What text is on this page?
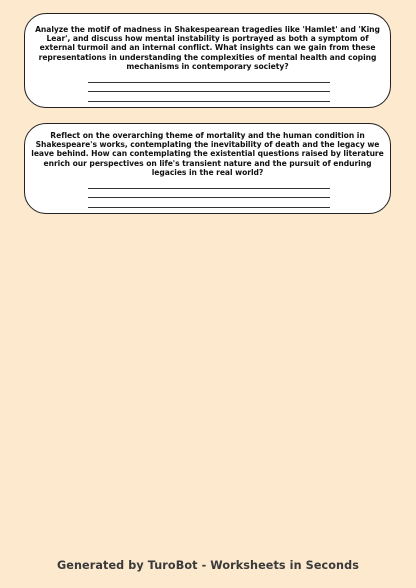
Analyze the motif of madness in Shakespearean tragedies like 'Hamlet' and 'King Lear', and discuss how mental instability is portrayed as both a symptom of external turmoil and an internal conflict. What insights can we gain from these representations in understanding the complexities of mental health and coping mechanisms in contemporary society?

Reflect on the overarching theme of mortality and the human condition in Shakespeare's works, contemplating the inevitability of death and the legacy we leave behind. How can contemplating the existential questions raised by literature enrich our perspectives on life's transient nature and the pursuit of enduring legacies in the real world?

Generated by TuroBot - Worksheets in Seconds
